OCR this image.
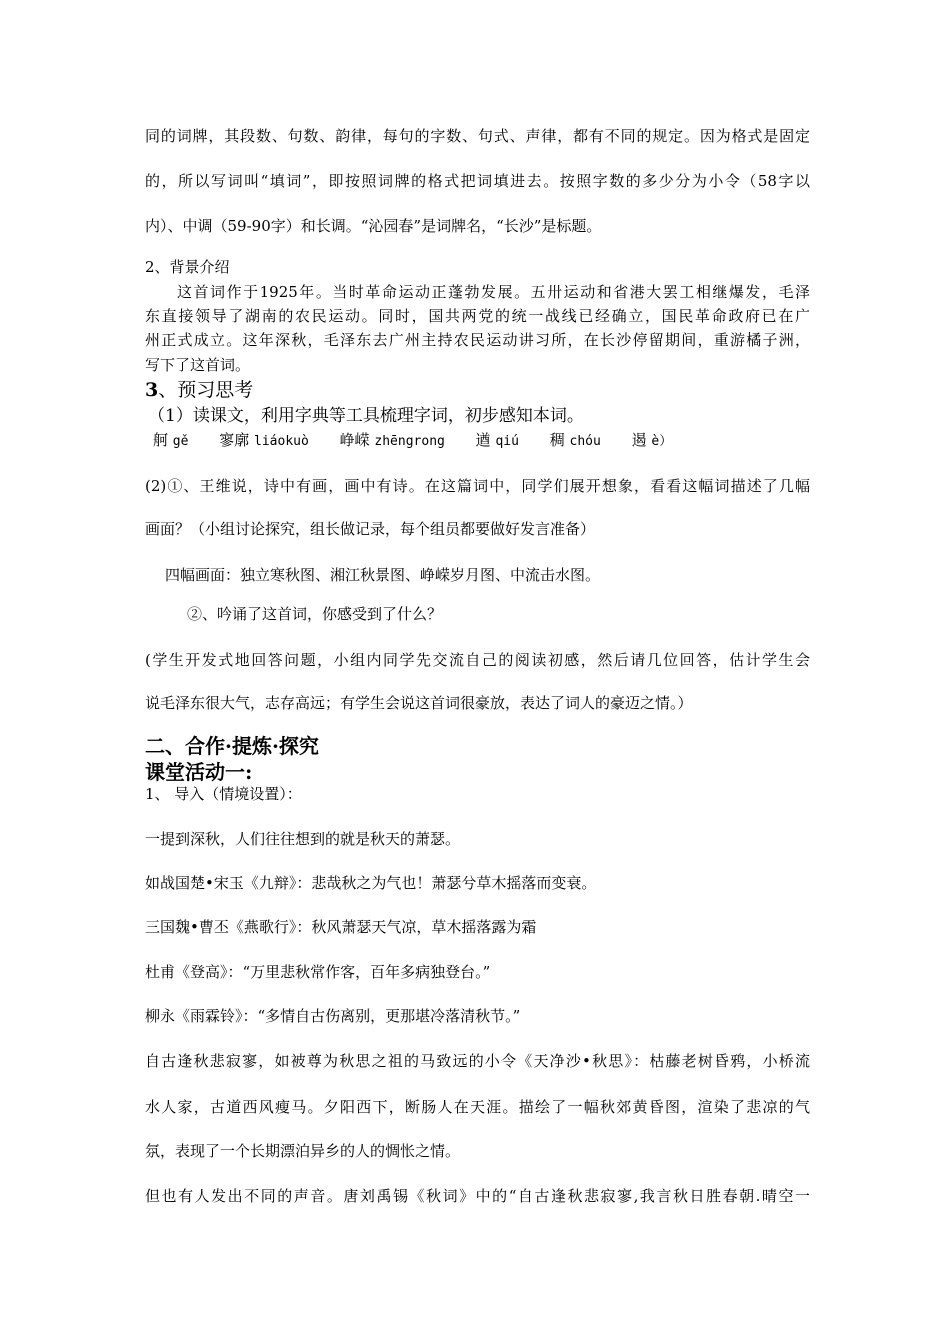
同的词牌，其段数、句数、韵律，每句的字数、句式、声律，都有不同的规定。因为格式是固定
的，所以写词叫“填词”，即按照词牌的格式把词填进去。按照字数的多少分为小令（58字以
内）、中调（59-90字）和长调。“沁园春”是词牌名，“长沙”是标题。
2、背景介绍
这首词作于1925年。当时革命运动正蓬勃发展。五卅运动和省港大罢工相继爆发，毛泽
东直接领导了湖南的农民运动。同时，国共两党的统一战线已经确立，国民革命政府已在广
州正式成立。这年深秋，毛泽东去广州主持农民运动讲习所，在长沙停留期间，重游橘子洲，
写下了这首词。
3、预习思考
（1）读课文，利用字典等工具梳理字词，初步感知本词。
舸 gě 寥廓 liáokuò 峥嵘 zhēngrong 遒 qiú 稠 chóu 遏 è）
(2)①、王维说，诗中有画，画中有诗。在这篇词中，同学们展开想象，看看这幅词描述了几幅
画面？（小组讨论探究，组长做记录，每个组员都要做好发言准备）
四幅画面：独立寒秋图、湘江秋景图、峥嵘岁月图、中流击水图。
②、吟诵了这首词，你感受到了什么？
(学生开发式地回答问题，小组内同学先交流自己的阅读初感，然后请几位回答，估计学生会
说毛泽东很大气，志存高远；有学生会说这首词很豪放，表达了词人的豪迈之情。）
二、合作·提炼·探究
课堂活动一:
1、 导入（情境设置）：
一提到深秋，人们往往想到的就是秋天的萧瑟。
如战国楚•宋玉《九辩》：悲哉秋之为气也！萧瑟兮草木摇落而变衰。
三国魏•曹丕《燕歌行》：秋风萧瑟天气凉，草木摇落露为霜
杜甫《登高》：“万里悲秋常作客，百年多病独登台。”
柳永《雨霖铃》：“多情自古伤离别，更那堪冷落清秋节。”
自古逢秋悲寂寥，如被尊为秋思之祖的马致远的小令《天净沙•秋思》：枯藤老树昏鸦，小桥流
水人家，古道西风瘦马。夕阳西下，断肠人在天涯。描绘了一幅秋郊黄昏图，渲染了悲凉的气
氛，表现了一个长期漂泊异乡的人的惆怅之情。
但也有人发出不同的声音。唐刘禹锡《秋词》中的“自古逢秋悲寂寥,我言秋日胜春朝.晴空一
